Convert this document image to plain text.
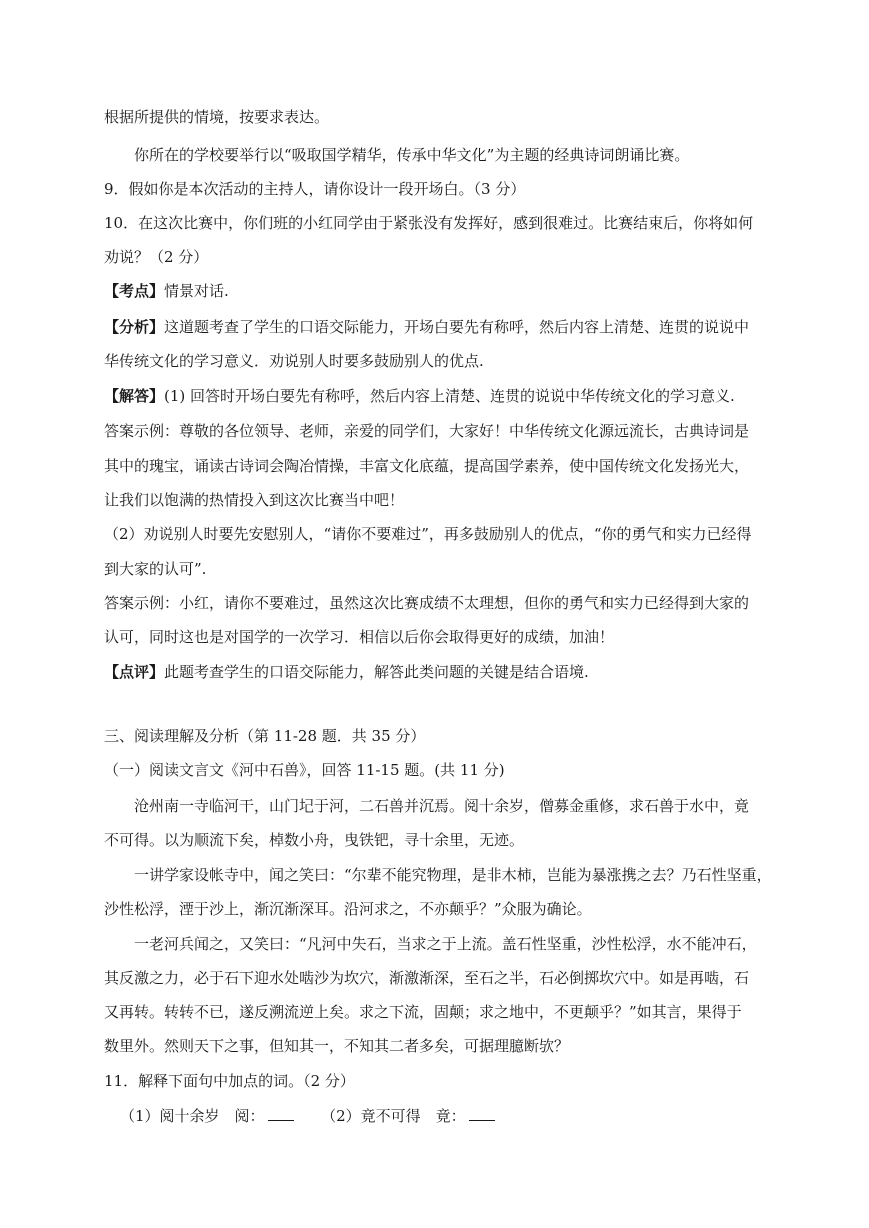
根据所提供的情境，按要求表达。
你所在的学校要举行以“吸取国学精华，传承中华文化”为主题的经典诗词朗诵比赛。
9．假如你是本次活动的主持人，请你设计一段开场白。（3 分）
10．在这次比赛中，你们班的小红同学由于紧张没有发挥好，感到很难过。比赛结束后，你将如何
劝说？（2 分）
【考点】情景对话.
【分析】这道题考查了学生的口语交际能力，开场白要先有称呼，然后内容上清楚、连贯的说说中
华传统文化的学习意义．劝说别人时要多鼓励别人的优点.
【解答】(1) 回答时开场白要先有称呼，然后内容上清楚、连贯的说说中华传统文化的学习意义.
答案示例：尊敬的各位领导、老师，亲爱的同学们，大家好！中华传统文化源远流长，古典诗词是
其中的瑰宝，诵读古诗词会陶冶情操，丰富文化底蕴，提高国学素养，使中国传统文化发扬光大，
让我们以饱满的热情投入到这次比赛当中吧！
（2）劝说别人时要先安慰别人，“请你不要难过”，再多鼓励别人的优点，“你的勇气和实力已经得
到大家的认可”.
答案示例：小红，请你不要难过，虽然这次比赛成绩不太理想，但你的勇气和实力已经得到大家的
认可，同时这也是对国学的一次学习．相信以后你会取得更好的成绩，加油！
【点评】此题考查学生的口语交际能力，解答此类问题的关键是结合语境.
三、阅读理解及分析（第 11-28 题．共 35 分）
（一）阅读文言文《河中石兽》，回答 11-15 题。(共 11 分)
沧州南一寺临河干，山门圮于河，二石兽并沉焉。阅十余岁，僧募金重修，求石兽于水中，竟
不可得。以为顺流下矣，棹数小舟，曳铁钯，寻十余里，无迹。
一讲学家设帐寺中，闻之笑曰：“尔辈不能究物理，是非木柿，岂能为暴涨携之去？乃石性坚重，
沙性松浮，湮于沙上，渐沉渐深耳。沿河求之，不亦颠乎？”众服为确论。
一老河兵闻之，又笑曰：“凡河中失石，当求之于上流。盖石性坚重，沙性松浮，水不能冲石，
其反激之力，必于石下迎水处啮沙为坎穴，渐激渐深，至石之半，石必倒掷坎穴中。如是再啮，石
又再转。转转不已，遂反溯流逆上矣。求之下流，固颠；求之地中，不更颠乎？”如其言，果得于
数里外。然则天下之事，但知其一，不知其二者多矣，可据理臆断欤？
11．解释下面句中加点的词。（2 分）
（1）阅十余岁　阅：	（2）竟不可得　竟：
